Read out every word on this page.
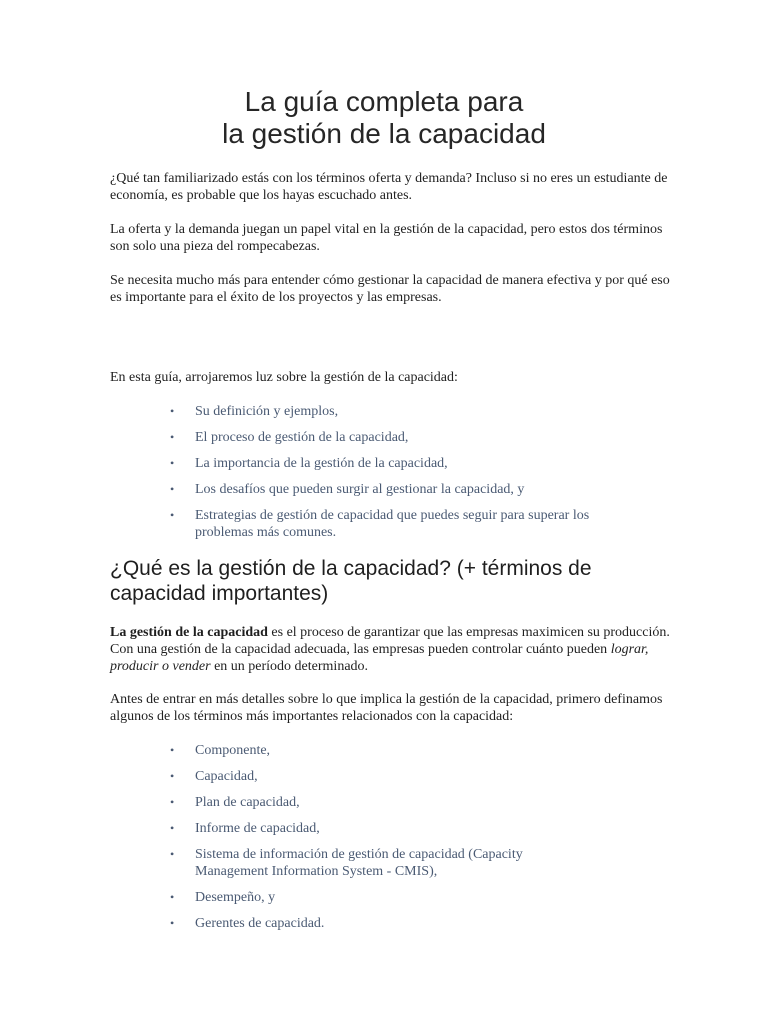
La guía completa para
la gestión de la capacidad

¿Qué tan familiarizado estás con los términos oferta y demanda? Incluso si no eres un estudiante de economía, es probable que los hayas escuchado antes.

La oferta y la demanda juegan un papel vital en la gestión de la capacidad, pero estos dos términos son solo una pieza del rompecabezas.

Se necesita mucho más para entender cómo gestionar la capacidad de manera efectiva y por qué eso es importante para el éxito de los proyectos y las empresas.

En esta guía, arrojaremos luz sobre la gestión de la capacidad:

• Su definición y ejemplos,
• El proceso de gestión de la capacidad,
• La importancia de la gestión de la capacidad,
• Los desafíos que pueden surgir al gestionar la capacidad, y
• Estrategias de gestión de capacidad que puedes seguir para superar los problemas más comunes.
¿Qué es la gestión de la capacidad? (+ términos de capacidad importantes)

La gestión de la capacidad es el proceso de garantizar que las empresas maximicen su producción. Con una gestión de la capacidad adecuada, las empresas pueden controlar cuánto pueden lograr, producir o vender en un período determinado.

Antes de entrar en más detalles sobre lo que implica la gestión de la capacidad, primero definamos algunos de los términos más importantes relacionados con la capacidad:

• Componente,
• Capacidad,
• Plan de capacidad,
• Informe de capacidad,
• Sistema de información de gestión de capacidad (Capacity Management Information System - CMIS),
• Desempeño, y
• Gerentes de capacidad.
